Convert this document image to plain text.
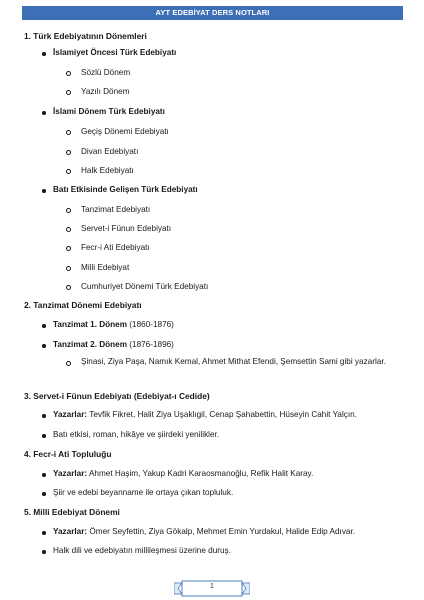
AYT EDEBİYAT DERS NOTLARI
1. Türk Edebiyatının Dönemleri
İslamiyet Öncesi Türk Edebiyatı
Sözlü Dönem
Yazılı Dönem
İslami Dönem Türk Edebiyatı
Geçiş Dönemi Edebiyatı
Divan Edebiyatı
Halk Edebiyatı
Batı Etkisinde Gelişen Türk Edebiyatı
Tanzimat Edebiyatı
Servet-i Fünun Edebiyatı
Fecr-i Ati Edebiyatı
Milli Edebiyat
Cumhuriyet Dönemi Türk Edebiyatı
2. Tanzimat Dönemi Edebiyatı
Tanzimat 1. Dönem (1860-1876)
Tanzimat 2. Dönem (1876-1896)
Şinasi, Ziya Paşa, Namık Kemal, Ahmet Mithat Efendi, Şemsettin Sami gibi yazarlar.
3. Servet-i Fünun Edebiyatı (Edebiyat-ı Cedide)
Yazarlar: Tevfik Fikret, Halit Ziya Uşaklıgil, Cenap Şahabettin, Hüseyin Cahit Yalçın.
Batı etkisi, roman, hikâye ve şiirdeki yenilikler.
4. Fecr-i Ati Topluluğu
Yazarlar: Ahmet Haşim, Yakup Kadri Karaosmanoğlu, Refik Halit Karay.
Şiir ve edebi beyanname ile ortaya çıkan topluluk.
5. Milli Edebiyat Dönemi
Yazarlar: Ömer Seyfettin, Ziya Gökalp, Mehmet Emin Yurdakul, Halide Edip Adıvar.
Halk dili ve edebiyatın millileşmesi üzerine duruş.
1
